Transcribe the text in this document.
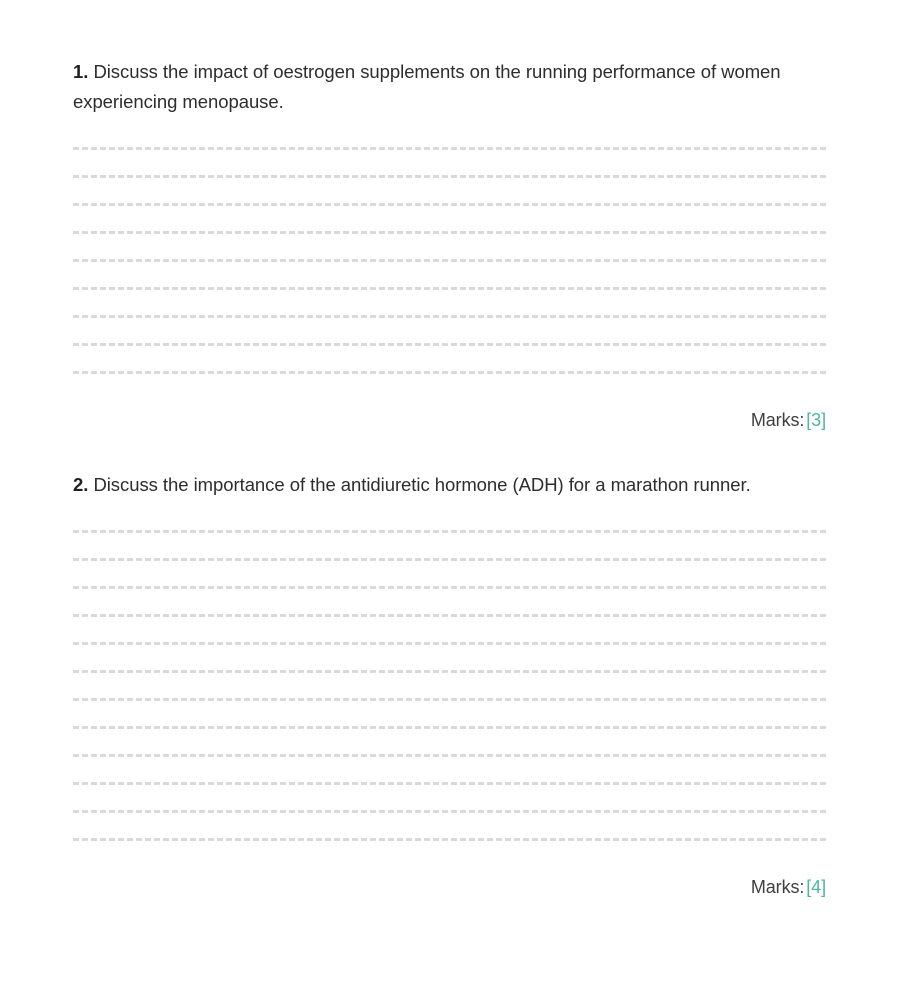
1. Discuss the impact of oestrogen supplements on the running performance of women experiencing menopause.

Marks: [3]

2. Discuss the importance of the antidiuretic hormone (ADH) for a marathon runner.

Marks: [4]
